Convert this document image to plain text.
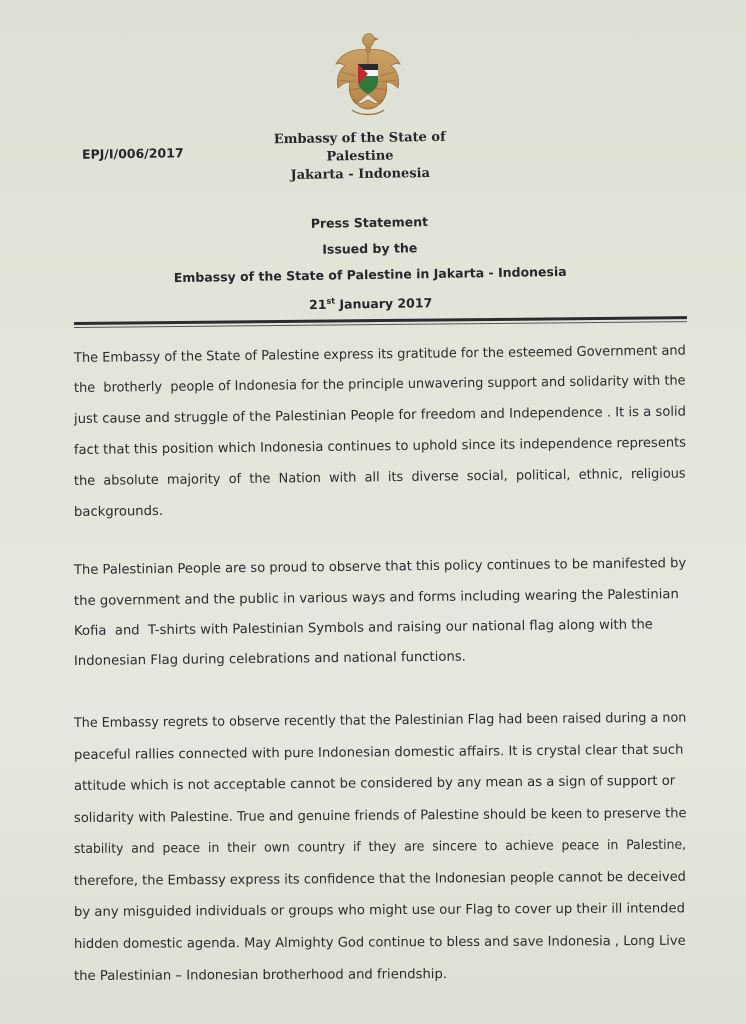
EPJ/I/006/2017
Embassy of the State of Palestine
Jakarta - Indonesia
Press Statement
Issued by the
Embassy of the State of Palestine in Jakarta - Indonesia
21st January 2017
The Embassy of the State of Palestine express its gratitude for the esteemed Government and
the  brotherly  people of Indonesia for the principle unwavering support and solidarity with the
just cause and struggle of the Palestinian People for freedom and Independence . It is a solid
fact that this position which Indonesia continues to uphold since its independence represents
the  absolute  majority  of  the  Nation  with  all  its  diverse  social,  political,  ethnic,  religious
backgrounds.
The Palestinian People are so proud to observe that this policy continues to be manifested by
the government and the public in various ways and forms including wearing the Palestinian
Kofia  and  T-shirts with Palestinian Symbols and raising our national flag along with the
Indonesian Flag during celebrations and national functions.
The Embassy regrets to observe recently that the Palestinian Flag had been raised during a non
peaceful rallies connected with pure Indonesian domestic affairs. It is crystal clear that such
attitude which is not acceptable cannot be considered by any mean as a sign of support or
solidarity with Palestine. True and genuine friends of Palestine should be keen to preserve the
stability  and  peace  in  their  own  country  if  they  are  sincere  to  achieve  peace  in  Palestine,
therefore, the Embassy express its confidence that the Indonesian people cannot be deceived
by any misguided individuals or groups who might use our Flag to cover up their ill intended
hidden domestic agenda. May Almighty God continue to bless and save Indonesia , Long Live
the Palestinian – Indonesian brotherhood and friendship.
